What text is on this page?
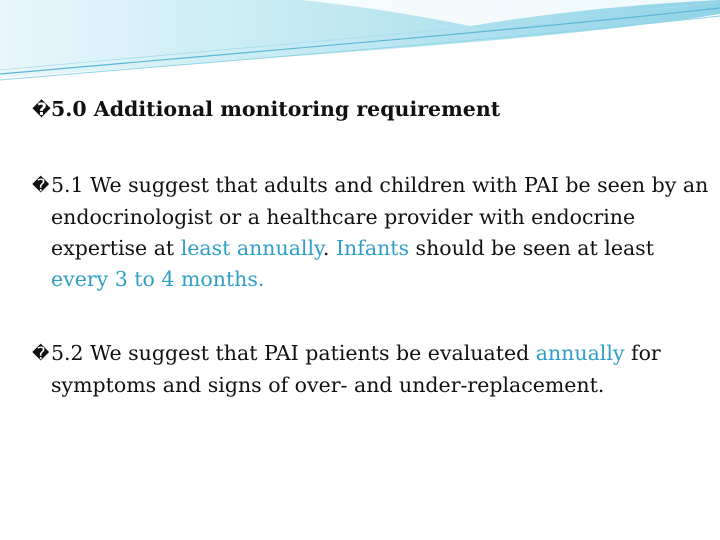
�5.0 Additional monitoring requirement
�5.1 We suggest that adults and children with PAI be seen by an endocrinologist or a healthcare provider with endocrine expertise at least annually. Infants should be seen at least every 3 to 4 months.
�5.2 We suggest that PAI patients be evaluated annually for symptoms and signs of over- and under-replacement.
